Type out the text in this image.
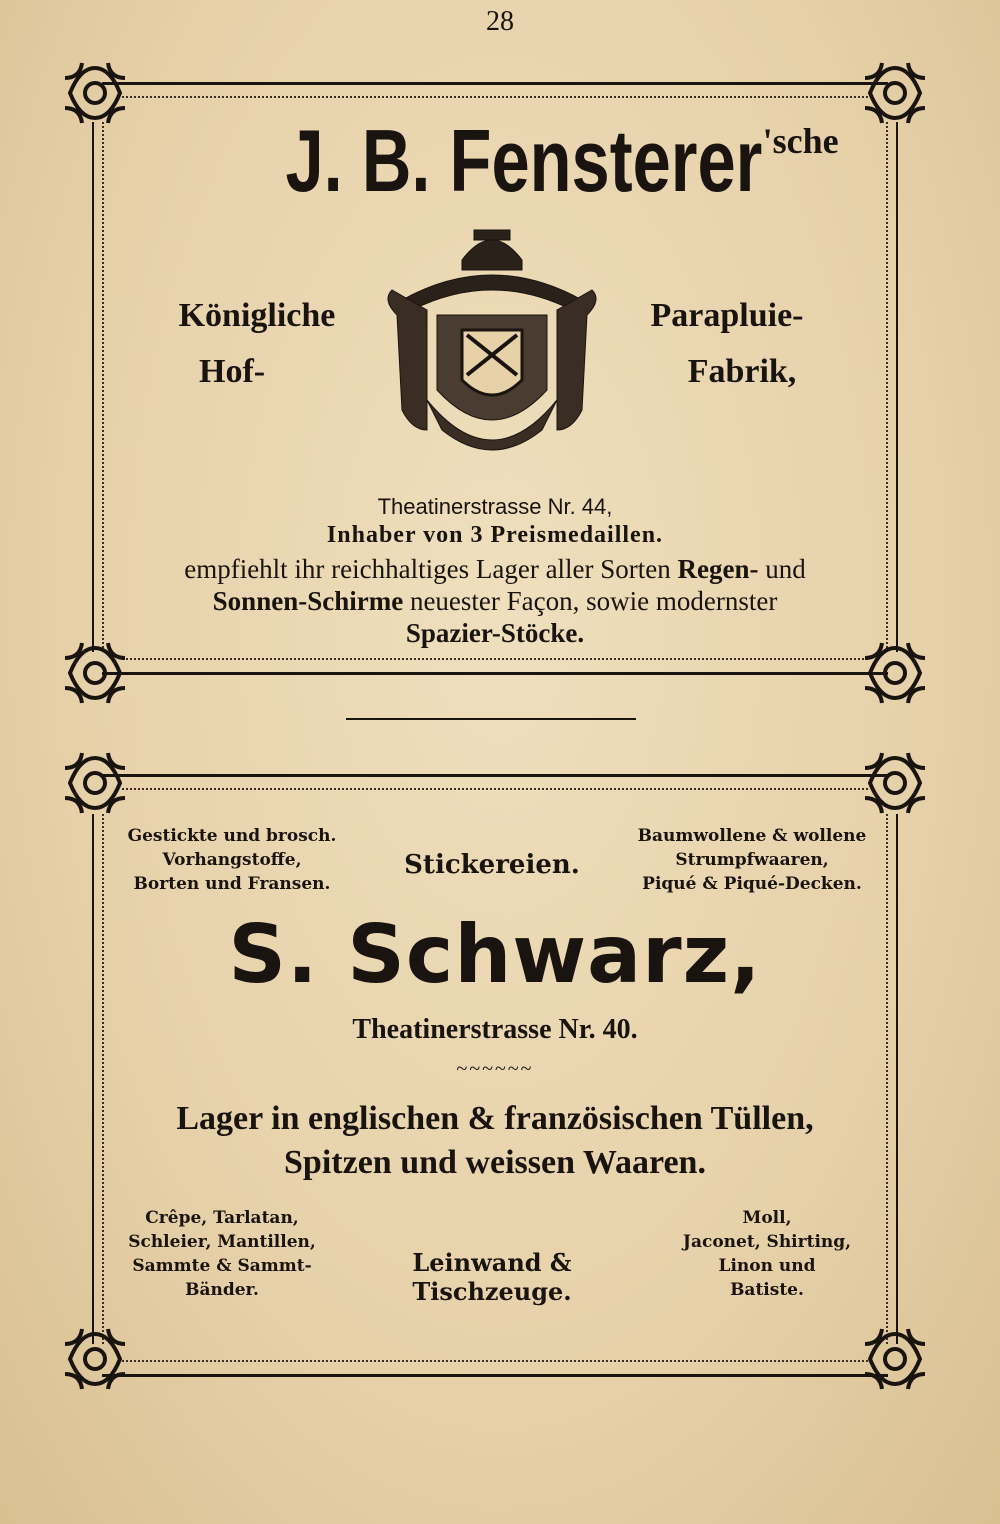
28
J. B. Fensterer'sche
Königliche
Hof-
Parapluie-
Fabrik,
Theatinerstrasse Nr. 44,
Inhaber von 3 Preismedaillen.
empfiehlt ihr reichhaltiges Lager aller Sorten Regen- und
Sonnen-Schirme neuester Façon, sowie modernster
Spazier-Stöcke.
Gestickte und brosch.
Vorhangstoffe,
Borten und Fransen.
Stickereien.
Baumwollene & wollene
Strumpfwaaren,
Piqué & Piqué-Decken.
S. Schwarz,
Theatinerstrasse Nr. 40.
~~~~~~
Lager in englischen & französischen Tüllen,
Spitzen und weissen Waaren.
Crêpe, Tarlatan,
Schleier, Mantillen,
Sammte & Sammt-
Bänder.
Leinwand & Tischzeuge.
Moll,
Jaconet, Shirting,
Linon und
Batiste.
